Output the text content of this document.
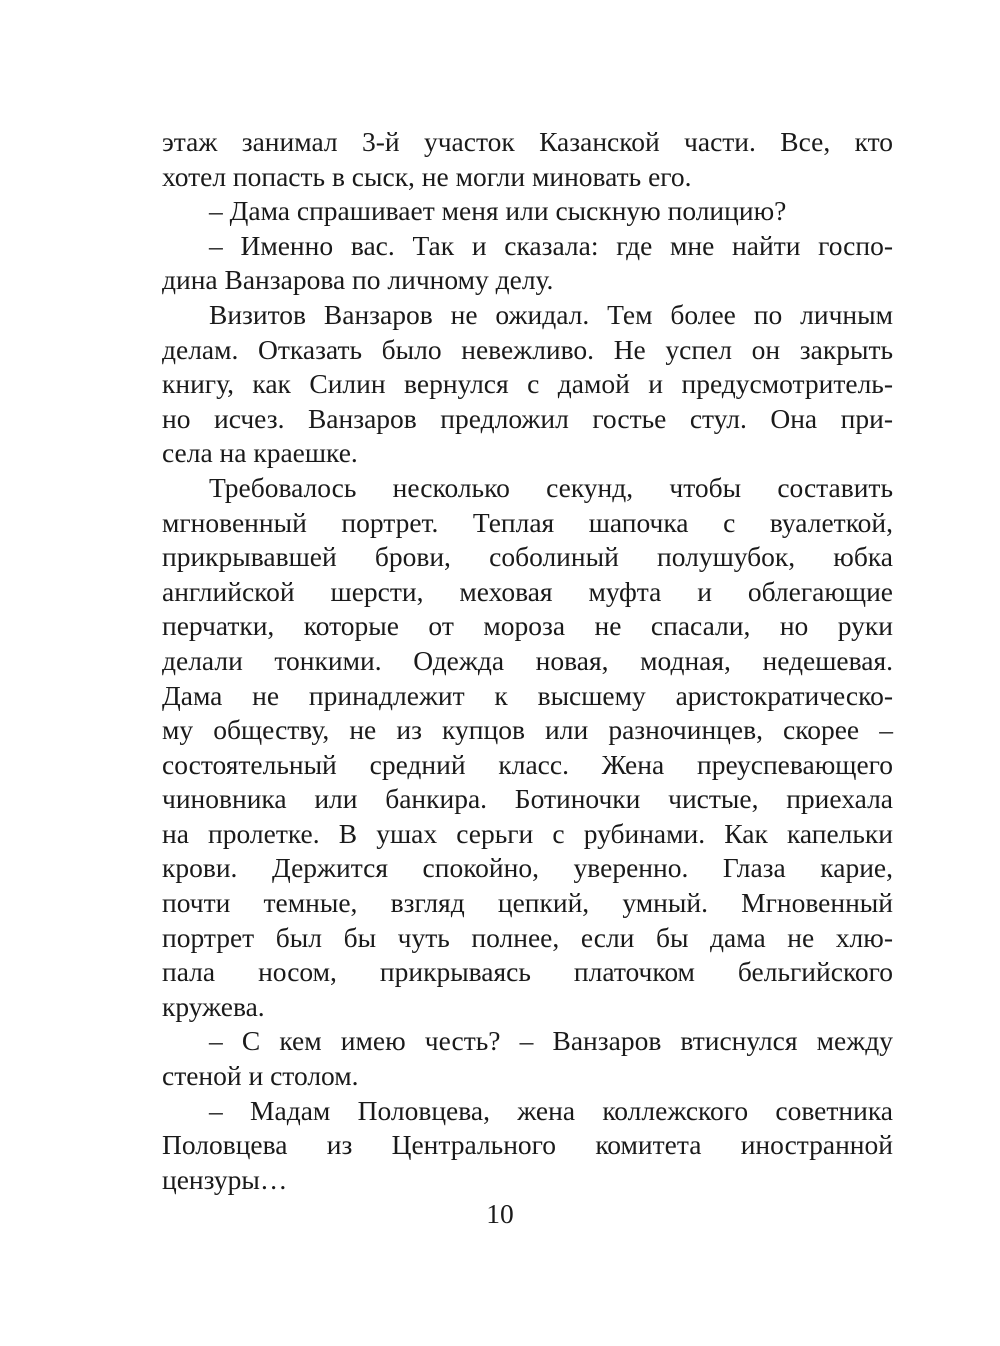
этаж занимал 3-й участок Казанской части. Все, кто
хотел попасть в сыск, не могли миновать его.
– Дама спрашивает меня или сыскную полицию?
– Именно вас. Так и сказала: где мне найти госпо-
дина Ванзарова по личному делу.
Визитов Ванзаров не ожидал. Тем более по личным
делам. Отказать было невежливо. Не успел он закрыть
книгу, как Силин вернулся с дамой и предусмотритель-
но исчез. Ванзаров предложил гостье стул. Она при-
села на краешке.
Требовалось несколько секунд, чтобы составить
мгновенный портрет. Теплая шапочка с вуалеткой,
прикрывавшей брови, соболиный полушубок, юбка
английской шерсти, меховая муфта и облегающие
перчатки, которые от мороза не спасали, но руки
делали тонкими. Одежда новая, модная, недешевая.
Дама не принадлежит к высшему аристократическо-
му обществу, не из купцов или разночинцев, скорее –
состоятельный средний класс. Жена преуспевающего
чиновника или банкира. Ботиночки чистые, приехала
на пролетке. В ушах серьги с рубинами. Как капельки
крови. Держится спокойно, уверенно. Глаза карие,
почти темные, взгляд цепкий, умный. Мгновенный
портрет был бы чуть полнее, если бы дама не хлю-
пала носом, прикрываясь платочком бельгийского
кружева.
– С кем имею честь? – Ванзаров втиснулся между
стеной и столом.
– Мадам Половцева, жена коллежского советника
Половцева из Центрального комитета иностранной
цензуры…
10
